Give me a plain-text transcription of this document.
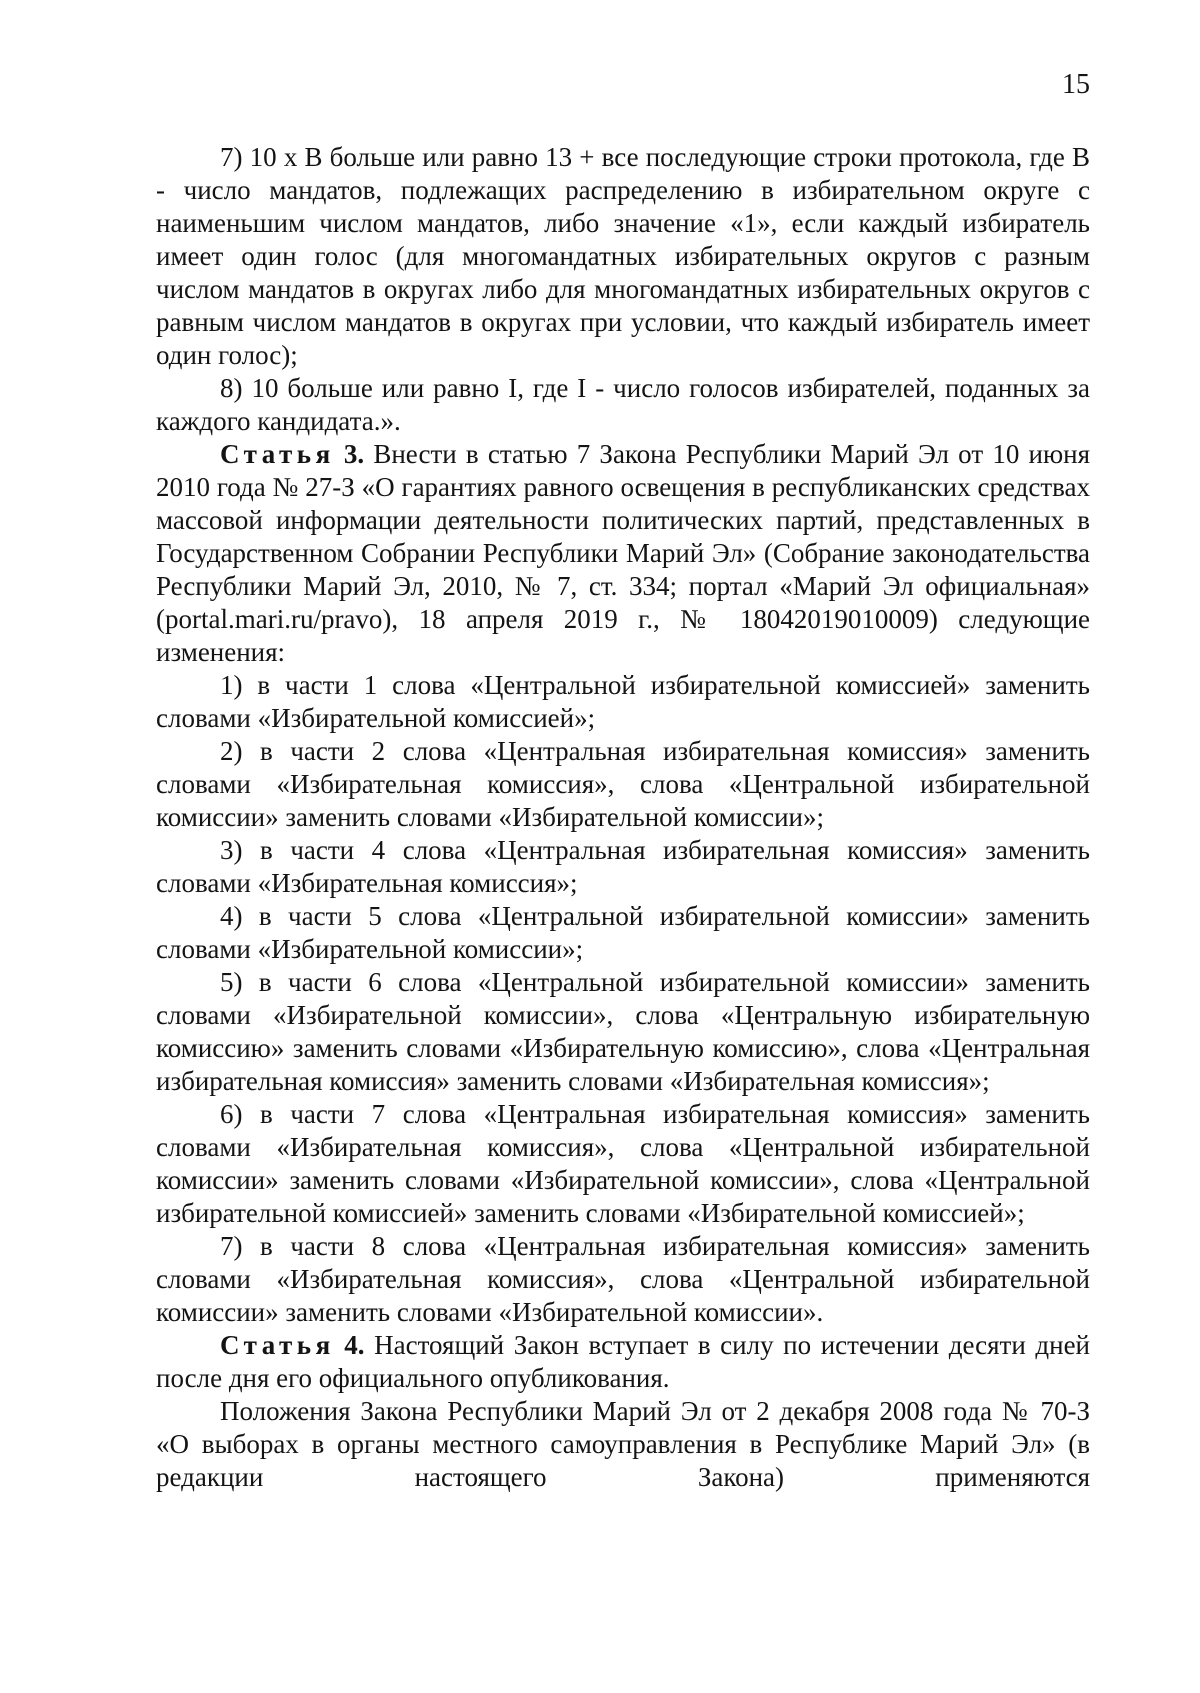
15

7) 10 х В больше или равно 13 + все последующие строки протокола, где В - число мандатов, подлежащих распределению в избирательном округе с наименьшим числом мандатов, либо значение «1», если каждый избиратель имеет один голос (для многомандатных избирательных округов с разным числом мандатов в округах либо для многомандатных избирательных округов с равным числом мандатов в округах при условии, что каждый избиратель имеет один голос);

8) 10 больше или равно I, где I - число голосов избирателей, поданных за каждого кандидата.».

Статья 3. Внести в статью 7 Закона Республики Марий Эл от 10 июня 2010 года № 27-З «О гарантиях равного освещения в республиканских средствах массовой информации деятельности политических партий, представленных в Государственном Собрании Республики Марий Эл» (Собрание законодательства Республики Марий Эл, 2010, № 7, ст. 334; портал «Марий Эл официальная» (portal.mari.ru/pravo), 18 апреля 2019 г., № 18042019010009) следующие изменения:

1) в части 1 слова «Центральной избирательной комиссией» заменить словами «Избирательной комиссией»;

2) в части 2 слова «Центральная избирательная комиссия» заменить словами «Избирательная комиссия», слова «Центральной избирательной комиссии» заменить словами «Избирательной комиссии»;

3) в части 4 слова «Центральная избирательная комиссия» заменить словами «Избирательная комиссия»;

4) в части 5 слова «Центральной избирательной комиссии» заменить словами «Избирательной комиссии»;

5) в части 6 слова «Центральной избирательной комиссии» заменить словами «Избирательной комиссии», слова «Центральную избирательную комиссию» заменить словами «Избирательную комиссию», слова «Центральная избирательная комиссия» заменить словами «Избирательная комиссия»;

6) в части 7 слова «Центральная избирательная комиссия» заменить словами «Избирательная комиссия», слова «Центральной избирательной комиссии» заменить словами «Избирательной комиссии», слова «Центральной избирательной комиссией» заменить словами «Избирательной комиссией»;

7) в части 8 слова «Центральная избирательная комиссия» заменить словами «Избирательная комиссия», слова «Центральной избирательной комиссии» заменить словами «Избирательной комиссии».

Статья 4. Настоящий Закон вступает в силу по истечении десяти дней после дня его официального опубликования.

Положения Закона Республики Марий Эл от 2 декабря 2008 года № 70-З «О выборах в органы местного самоуправления в Республике Марий Эл» (в редакции настоящего Закона) применяются
